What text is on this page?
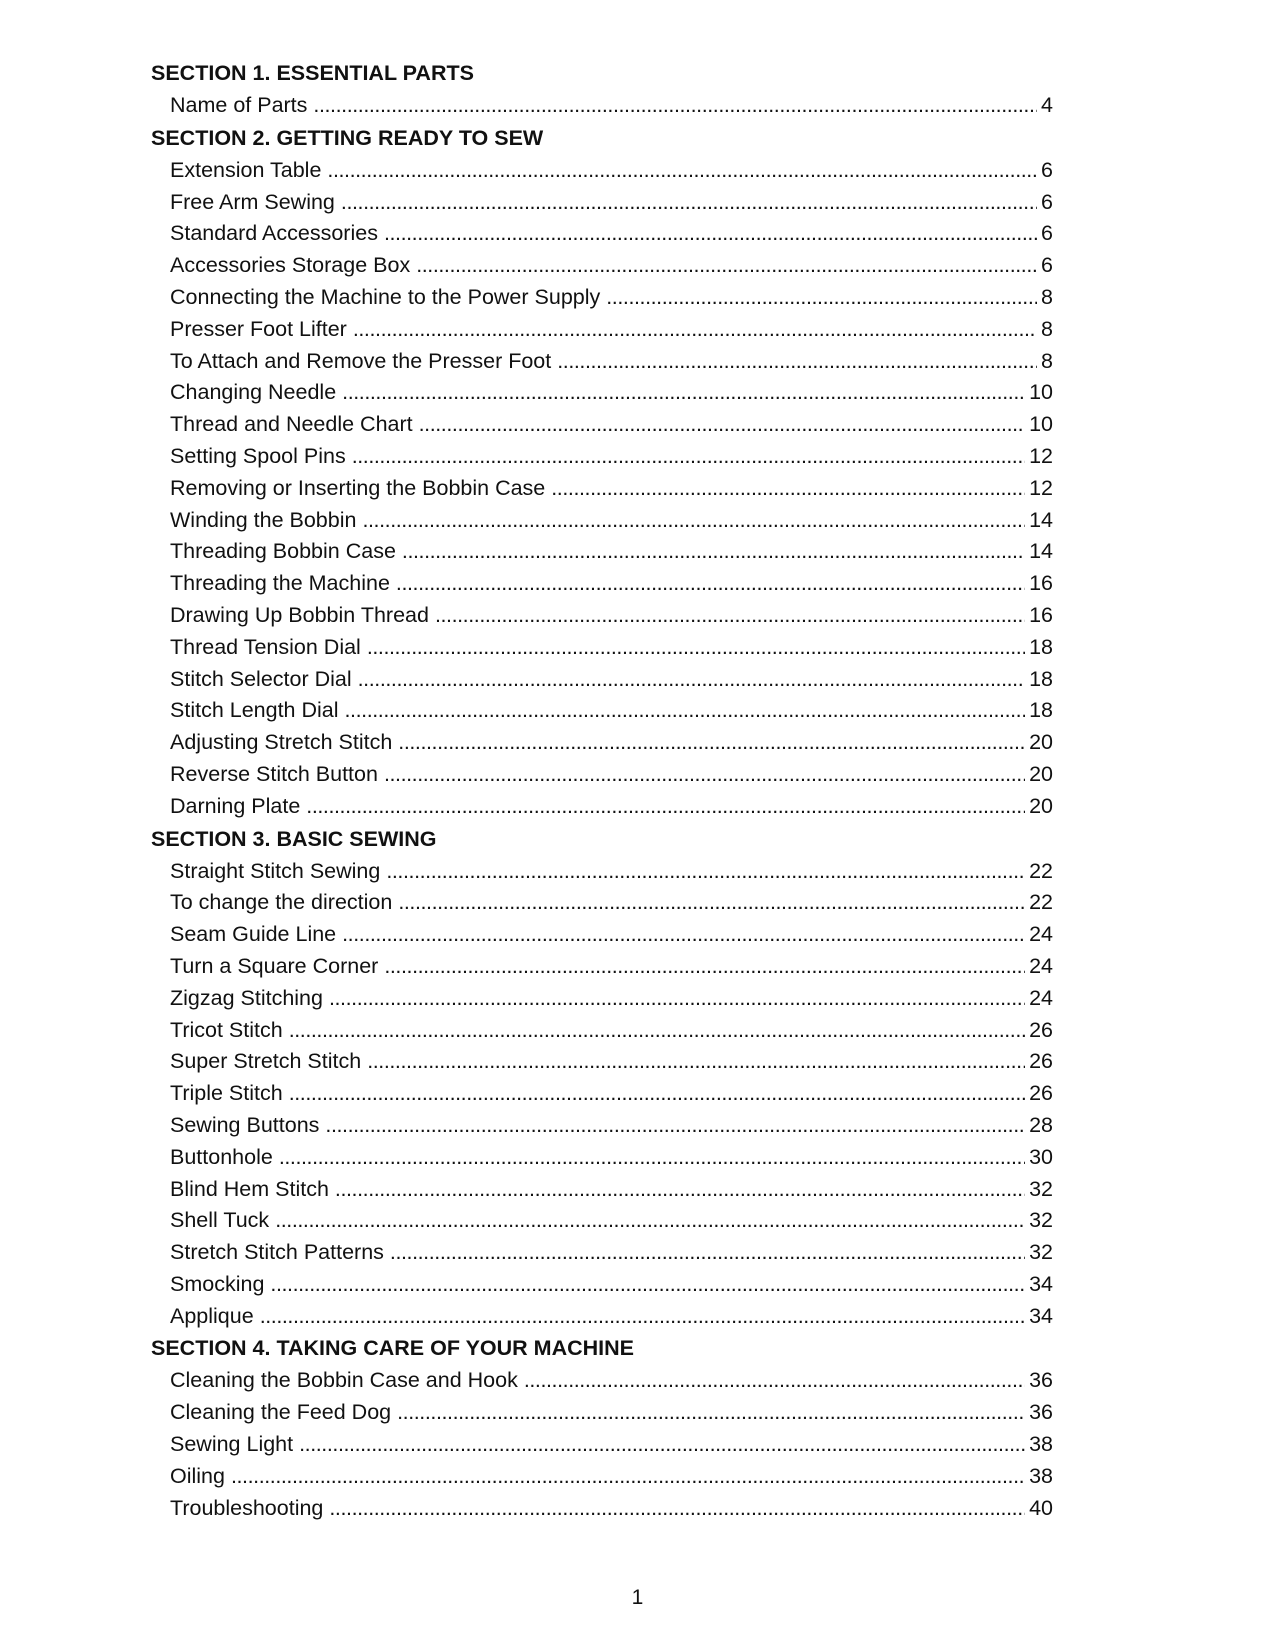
SECTION 1. ESSENTIAL PARTS
Name of Parts . . .	4
SECTION 2. GETTING READY TO SEW
Extension Table . . .	6
Free Arm Sewing . . .	6
Standard Accessories . . .	6
Accessories Storage Box . . .	6
Connecting the Machine to the Power Supply . . .	8
Presser Foot Lifter . . .	8
To Attach and Remove the Presser Foot . . .	8
Changing Needle . . .	10
Thread and Needle Chart . . .	10
Setting Spool Pins . . .	12
Removing or Inserting the Bobbin Case . . .	12
Winding the Bobbin . . .	14
Threading Bobbin Case . . .	14
Threading the Machine . . .	16
Drawing Up Bobbin Thread . . .	16
Thread Tension Dial . . .	18
Stitch Selector Dial . . .	18
Stitch Length Dial . . .	18
Adjusting Stretch Stitch . . .	20
Reverse Stitch Button . . .	20
Darning Plate . . .	20
SECTION 3. BASIC SEWING
Straight Stitch Sewing . . .	22
To change the direction . . .	22
Seam Guide Line . . .	24
Turn a Square Corner . . .	24
Zigzag Stitching . . .	24
Tricot Stitch . . .	26
Super Stretch Stitch . . .	26
Triple Stitch . . .	26
Sewing Buttons . . .	28
Buttonhole . . .	30
Blind Hem Stitch . . .	32
Shell Tuck . . .	32
Stretch Stitch Patterns . . .	32
Smocking . . .	34
Applique . . .	34
SECTION 4. TAKING CARE OF YOUR MACHINE
Cleaning the Bobbin Case and Hook . . .	36
Cleaning the Feed Dog . . .	36
Sewing Light . . .	38
Oiling . . .	38
Troubleshooting . . .	40
1
